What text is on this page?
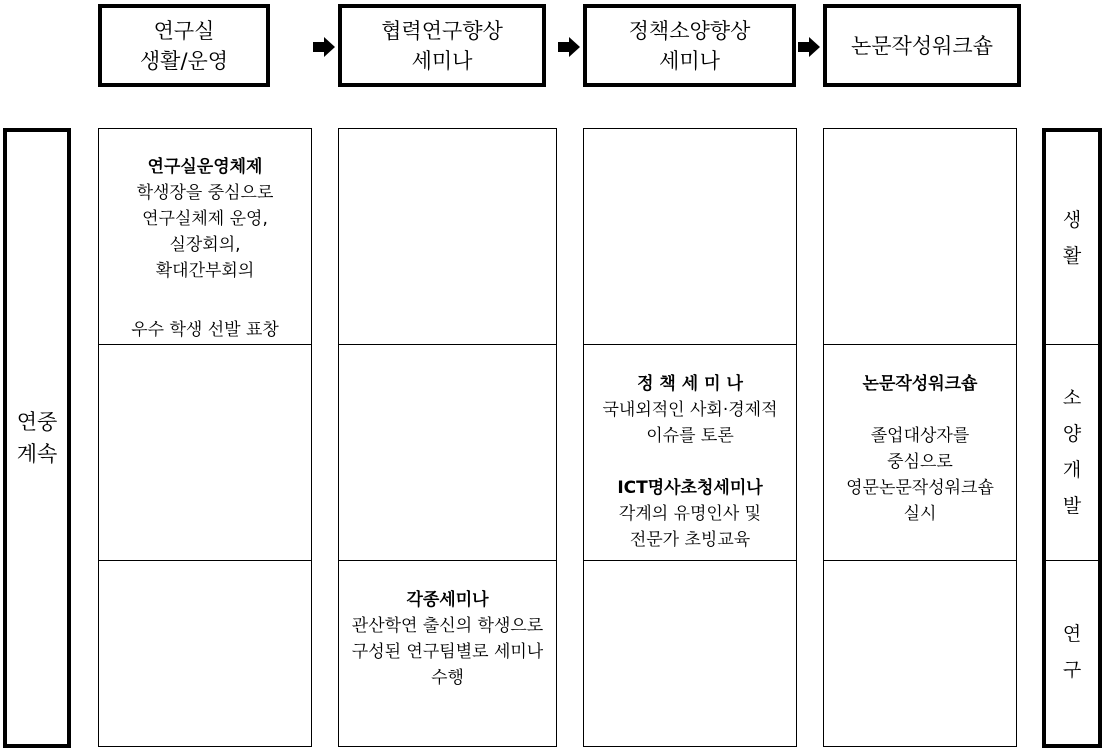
연구실
생활/운영
협력연구향상
세미나
정책소양향상
세미나
논문작성워크숍
연중
계속
연구실운영체제
학생장을 중심으로
연구실체제 운영,
실장회의,
확대간부회의
우수 학생 선발 표창
각종세미나
관산학연 출신의 학생으로
구성된 연구팀별로 세미나
수행
정 책 세 미 나
국내외적인 사회·경제적
이슈를 토론
ICT명사초청세미나
각계의 유명인사 및
전문가 초빙교육
논문작성워크숍
졸업대상자를
중심으로
영문논문작성워크숍
실시
생
활
소
양
개
발
연
구
